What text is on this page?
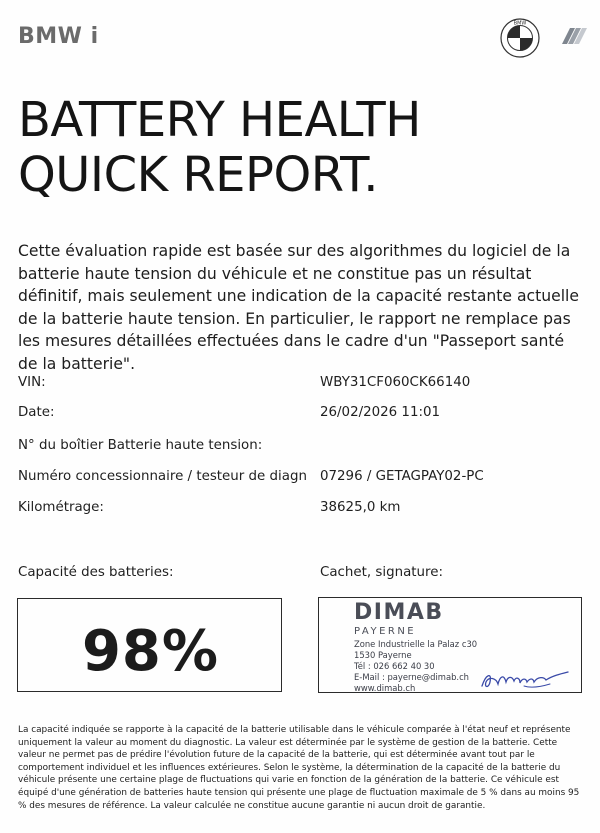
BMW i
BMW
BATTERY HEALTH
QUICK REPORT.
Cette évaluation rapide est basée sur des algorithmes du logiciel de la batterie haute tension du véhicule et ne constitue pas un résultat définitif, mais seulement une indication de la capacité restante actuelle de la batterie haute tension. En particulier, le rapport ne remplace pas les mesures détaillées effectuées dans le cadre d'un "Passeport santé de la batterie".
VIN:	WBY31CF060CK66140
Date:	26/02/2026 11:01
N° du boîtier Batterie haute tension:
Numéro concessionnaire / testeur de diagn 07296 / GETAGPAY02-PC
Kilométrage:	38625,0 km
Capacité des batteries:	Cachet, signature:
98%
DIMAB
PAYERNE
Zone Industrielle la Palaz c30
1530 Payerne
Tél : 026 662 40 30
E-Mail : payerne@dimab.ch
www.dimab.ch
La capacité indiquée se rapporte à la capacité de la batterie utilisable dans le véhicule comparée à l'état neuf et représente uniquement la valeur au moment du diagnostic. La valeur est déterminée par le système de gestion de la batterie. Cette valeur ne permet pas de prédire l'évolution future de la capacité de la batterie, qui est déterminée avant tout par le comportement individuel et les influences extérieures. Selon le système, la détermination de la capacité de la batterie du véhicule présente une certaine plage de fluctuations qui varie en fonction de la génération de la batterie. Ce véhicule est équipé d'une génération de batteries haute tension qui présente une plage de fluctuation maximale de 5 % dans au moins 95 % des mesures de référence. La valeur calculée ne constitue aucune garantie ni aucun droit de garantie.
